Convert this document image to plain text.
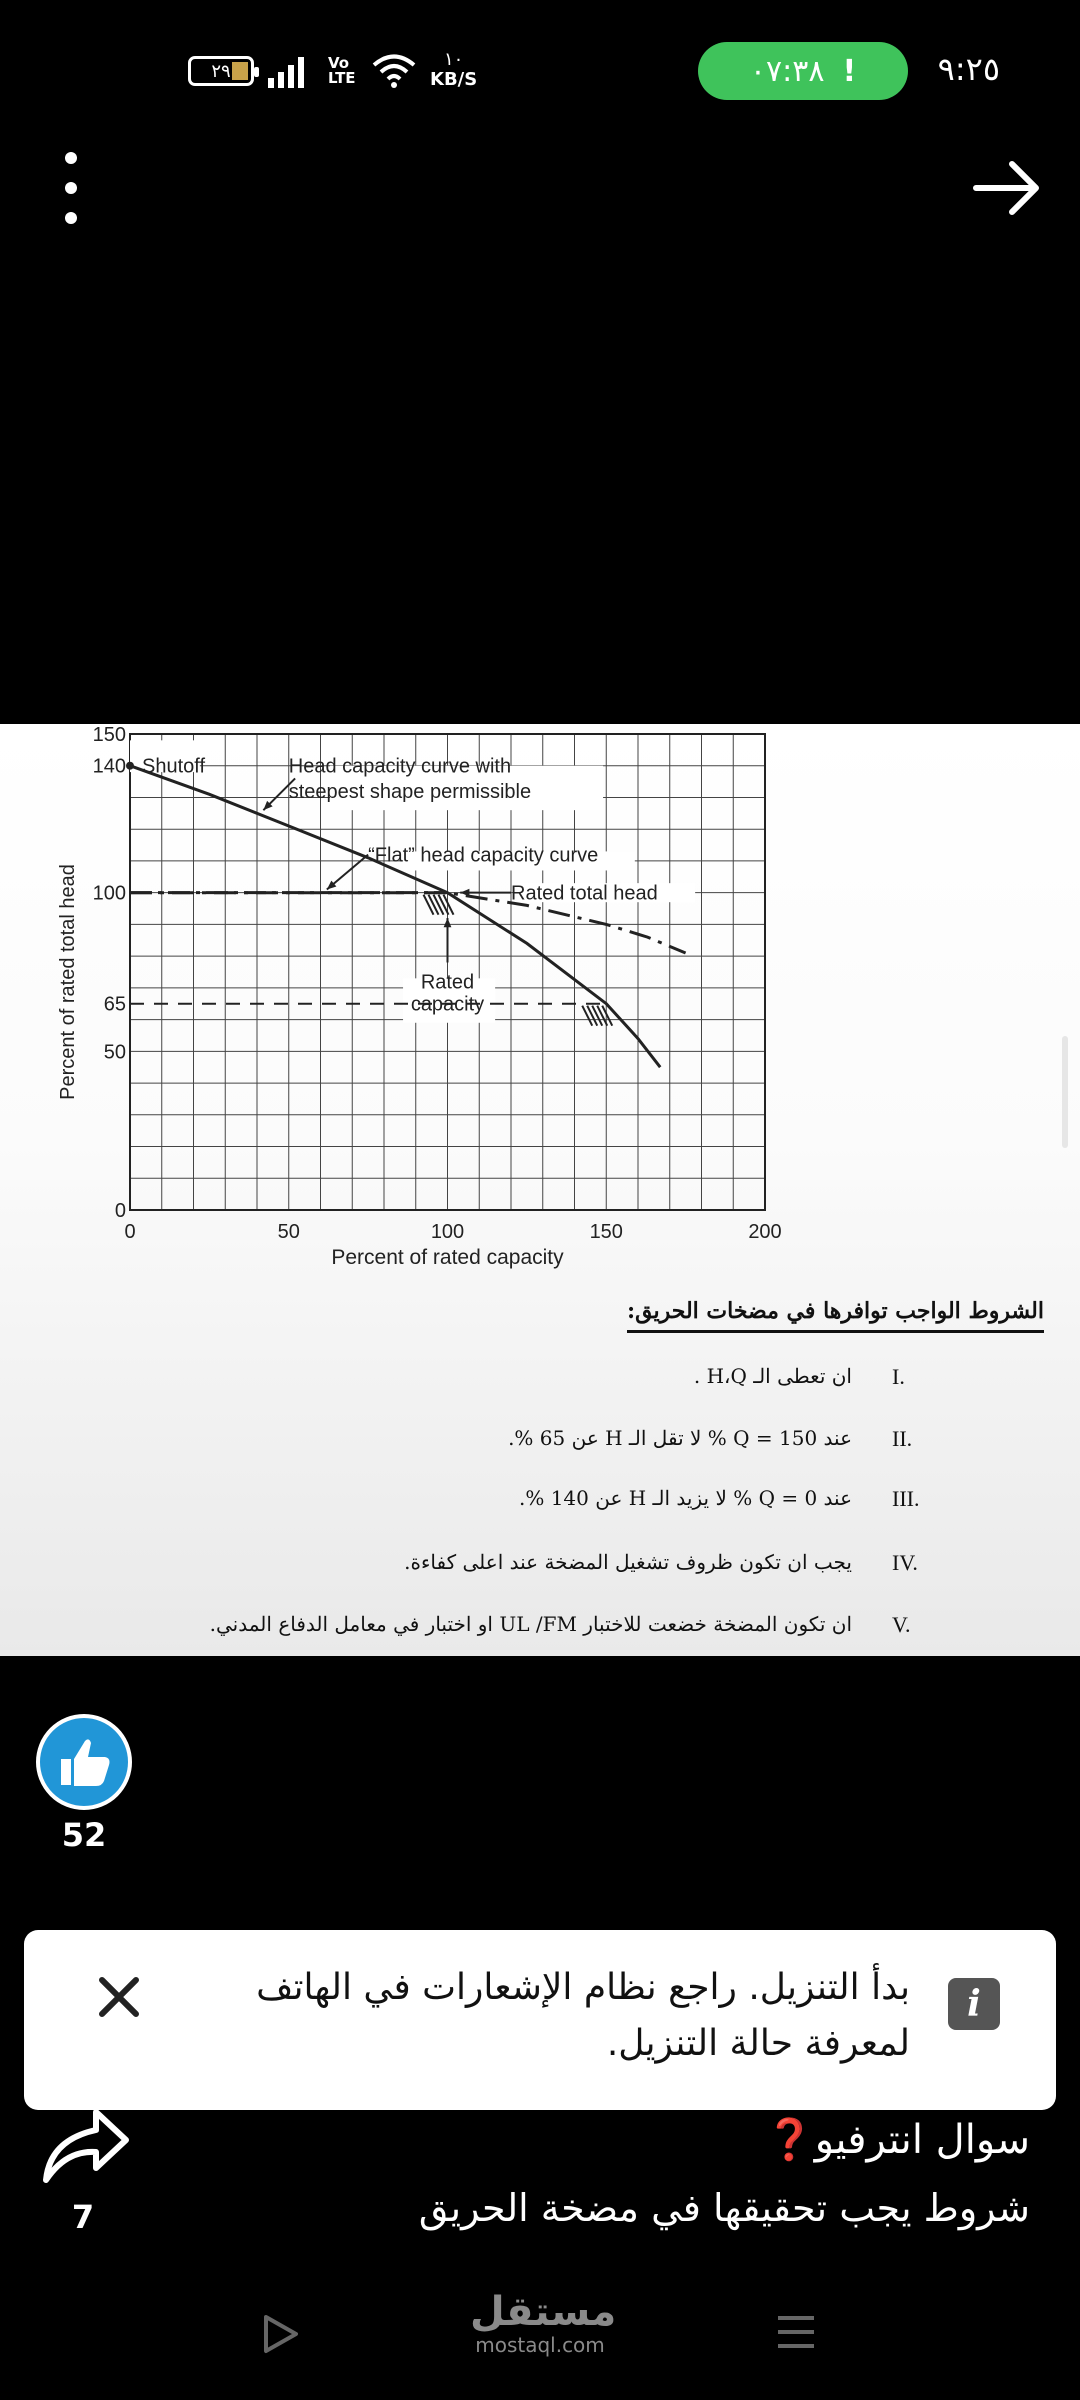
٢٩	Vo LTE
١٠
KB/S	٠٧:٣٨ !	٩:٢٥
0	50	100	150	200
0
50
65
100
140
150
Percent of rated capacity
Percent of rated total head
Shutoff	Head capacity curve with
steepest shape permissible
“Flat” head capacity curve
Rated total head
Rated
capacity
الشروط الواجب توافرها في مضخات الحريق:
I.
ان تعطى الـ H،Q .
II.
عند Q = 150 % لا تقل الـ H عن 65 %.
III.
عند Q = 0 % لا يزيد الـ H عن 140 %.
IV.
يجب ان تكون ظروف تشغيل المضخة عند اعلى كفاءة.
V.
ان تكون المضخة خضعت للاختبار UL /FM او اختبار في معامل الدفاع المدني.
52
بدأ التنزيل. راجع نظام الإشعارات في الهاتف
لمعرفة حالة التنزيل.
i
7
سوال انترفيو❓
شروط يجب تحقيقها في مضخة الحريق
مستقل
mostaql.com
